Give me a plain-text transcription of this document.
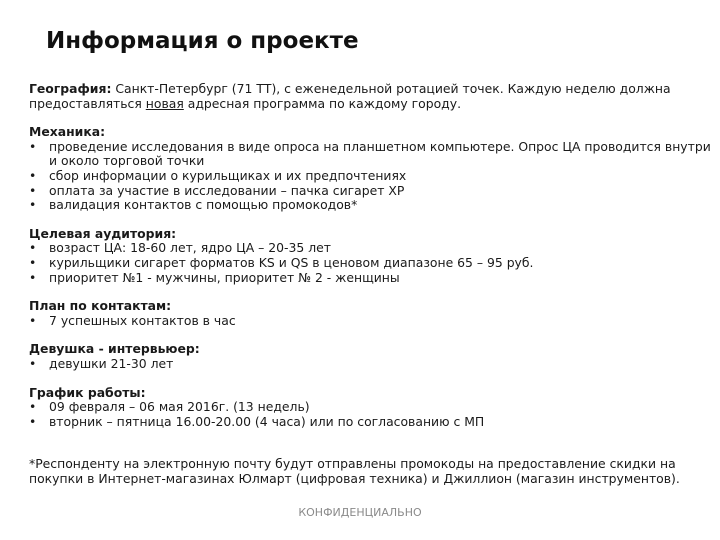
Информация о проекте
География: Санкт-Петербург (71 ТТ), с еженедельной ротацией точек. Каждую неделю должна
предоставляться новая адресная программа по каждому городу.
Механика:
•	проведение исследования в виде опроса на планшетном компьютере. Опрос ЦА проводится внутри и около торговой точки
•	сбор информации о курильщиках и их предпочтениях
•	оплата за участие в исследовании – пачка сигарет ХР
•	валидация контактов с помощью промокодов*
Целевая аудитория:
•	возраст ЦА: 18-60 лет, ядро ЦА – 20-35 лет
•	курильщики сигарет форматов KS и QS в ценовом диапазоне 65 – 95 руб.
•	приоритет №1 - мужчины, приоритет № 2 - женщины
План по контактам:
•	7 успешных контактов в час
Девушка - интервьюер:
•	девушки 21-30 лет
График работы:
•	09 февраля – 06 мая 2016г. (13 недель)
•	вторник – пятница 16.00-20.00 (4 часа) или по согласованию с МП
*Респонденту на электронную почту будут отправлены промокоды на предоставление скидки на
покупки в Интернет-магазинах Юлмарт (цифровая техника) и Джиллион (магазин инструментов).
КОНФИДЕНЦИАЛЬНО
